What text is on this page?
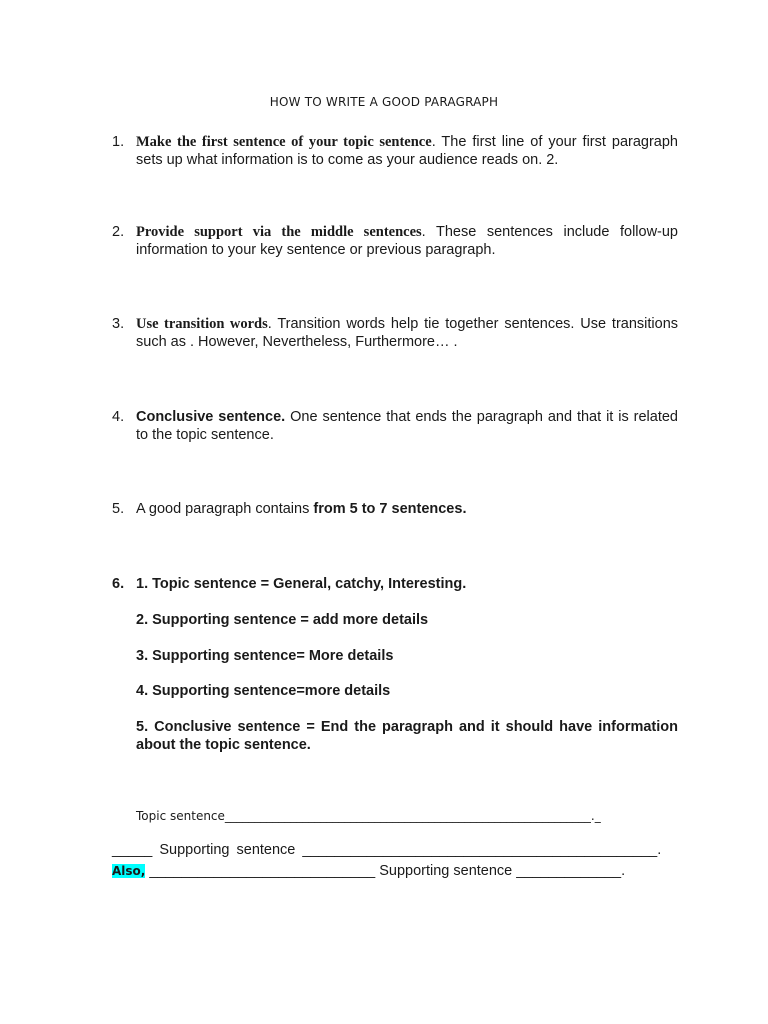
HOW TO WRITE A GOOD PARAGRAPH
1. Make the first sentence of your topic sentence. The first line of your first paragraph sets up what information is to come as your audience reads on. 2.
2. Provide support via the middle sentences. These sentences include follow-up information to your key sentence or previous paragraph.
3. Use transition words. Transition words help tie together sentences. Use transitions such as . However, Nevertheless, Furthermore… .
4. Conclusive sentence. One sentence that ends the paragraph and that it is related to the topic sentence.
5. A good paragraph contains from 5 to 7 sentences.
6. 1. Topic sentence = General, catchy, Interesting.
2. Supporting sentence = add more details
3. Supporting sentence= More details
4. Supporting sentence=more details
5. Conclusive sentence = End the paragraph and it should have information about the topic sentence.
Topic sentence_____________________________________________________________._
_____ Supporting sentence ____________________________________________.
Also, ____________________________ Supporting sentence _____________.
